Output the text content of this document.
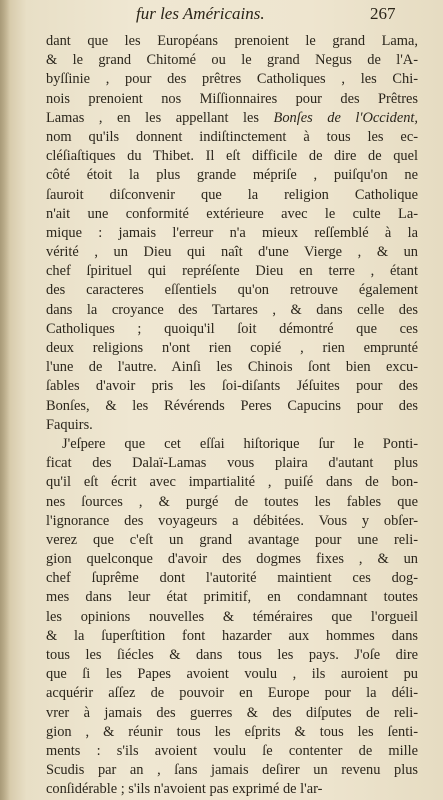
fur les Américains.	267
dant que les Européans prenoient le grand Lama,
& le grand Chitomé ou le grand Negus de l'A-
byſſinie , pour des prêtres Catholiques , les Chi-
nois prenoient nos Miſſionnaires pour des Prêtres
Lamas , en les appellant les Bonſes de l'Occident,
nom qu'ils donnent indiſtinctement à tous les ec-
cléſiaſtiques du Thibet. Il eſt difficile de dire de quel
côté étoit la plus grande mépriſe , puiſqu'on ne
ſauroit diſconvenir que la religion Catholique
n'ait une conformité extérieure avec le culte La-
mique : jamais l'erreur n'a mieux reſſemblé à la
vérité , un Dieu qui naît d'une Vierge , & un
chef ſpirituel qui repréſente Dieu en terre , étant
des caracteres eſſentiels qu'on retrouve également
dans la croyance des Tartares , & dans celle des
Catholiques ; quoiqu'il ſoit démontré que ces
deux religions n'ont rien copié , rien emprunté
l'une de l'autre. Ainſi les Chinois ſont bien excu-
ſables d'avoir pris les ſoi-diſants Jéſuites pour des
Bonſes, & les Révérends Peres Capucins pour des
Faquirs.
J'eſpere que cet eſſai hiſtorique ſur le Ponti-
ficat des Dalaï-Lamas vous plaira d'autant plus
qu'il eſt écrit avec impartialité , puiſé dans de bon-
nes ſources , & purgé de toutes les fables que
l'ignorance des voyageurs a débitées. Vous y obſer-
verez que c'eſt un grand avantage pour une reli-
gion quelconque d'avoir des dogmes fixes , & un
chef ſuprême dont l'autorité maintient ces dog-
mes dans leur état primitif, en condamnant toutes
les opinions nouvelles & téméraires que l'orgueil
& la ſuperſtition font hazarder aux hommes dans
tous les ſiécles & dans tous les pays. J'oſe dire
que ſi les Papes avoient voulu , ils auroient pu
acquérir aſſez de pouvoir en Europe pour la déli-
vrer à jamais des guerres & des diſputes de reli-
gion , & réunir tous les eſprits & tous les ſenti-
ments : s'ils avoient voulu ſe contenter de mille
Scudis par an , ſans jamais deſirer un revenu plus
conſidérable ; s'ils n'avoient pas exprimé de l'ar-
